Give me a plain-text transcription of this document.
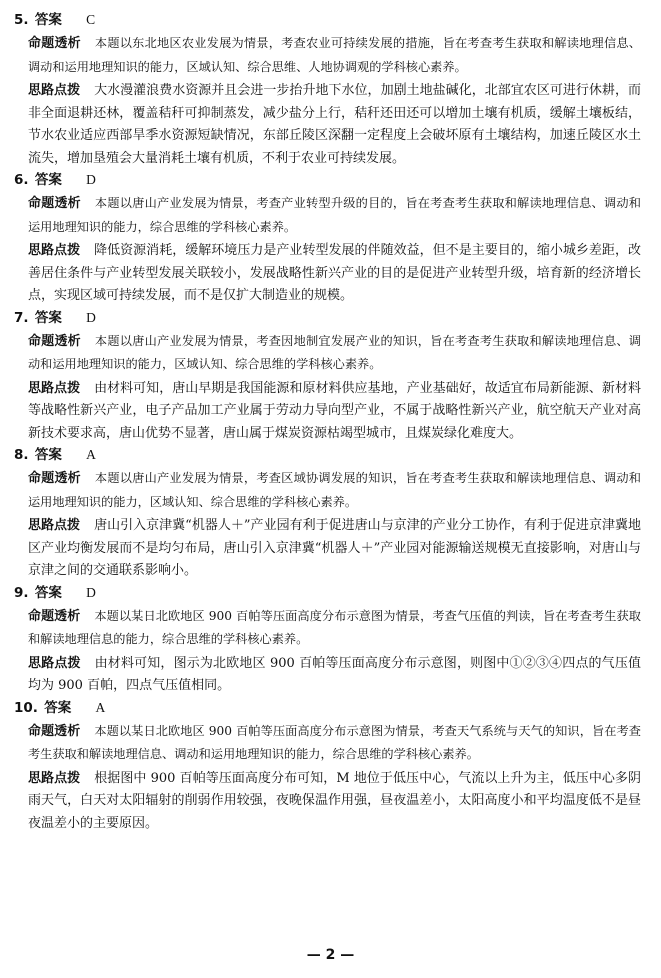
5. 答案 C

命题透析 本题以东北地区农业发展为情景，考查农业可持续发展的措施，旨在考查考生获取和解读地理信息、调动和运用地理知识的能力，区域认知、综合思维、人地协调观的学科核心素养。

思路点拨 大水漫灌浪费水资源并且会进一步抬升地下水位，加剧土地盐碱化，北部宜农区可进行休耕，而非全面退耕还林，覆盖秸秆可抑制蒸发，减少盐分上行，秸秆还田还可以增加土壤有机质，缓解土壤板结，节水农业适应西部旱季水资源短缺情况，东部丘陵区深翻一定程度上会破坏原有土壤结构，加速丘陵区水土流失，增加垦殖会大量消耗土壤有机质，不利于农业可持续发展。

6. 答案 D

命题透析 本题以唐山产业发展为情景，考查产业转型升级的目的，旨在考查考生获取和解读地理信息、调动和运用地理知识的能力，综合思维的学科核心素养。

思路点拨 降低资源消耗，缓解环境压力是产业转型发展的伴随效益，但不是主要目的，缩小城乡差距，改善居住条件与产业转型发展关联较小，发展战略性新兴产业的目的是促进产业转型升级，培育新的经济增长点，实现区域可持续发展，而不是仅扩大制造业的规模。

7. 答案 D

命题透析 本题以唐山产业发展为情景，考查因地制宜发展产业的知识，旨在考查考生获取和解读地理信息、调动和运用地理知识的能力，区域认知、综合思维的学科核心素养。

思路点拨 由材料可知，唐山早期是我国能源和原材料供应基地，产业基础好，故适宜布局新能源、新材料等战略性新兴产业，电子产品加工产业属于劳动力导向型产业，不属于战略性新兴产业，航空航天产业对高新技术要求高，唐山优势不显著，唐山属于煤炭资源枯竭型城市，且煤炭绿化难度大。

8. 答案 A

命题透析 本题以唐山产业发展为情景，考查区域协调发展的知识，旨在考查考生获取和解读地理信息、调动和运用地理知识的能力，区域认知、综合思维的学科核心素养。

思路点拨 唐山引入京津冀“机器人＋”产业园有利于促进唐山与京津的产业分工协作，有利于促进京津冀地区产业均衡发展而不是均匀布局，唐山引入京津冀“机器人＋”产业园对能源输送规模无直接影响，对唐山与京津之间的交通联系影响小。

9. 答案 D

命题透析 本题以某日北欧地区 900 百帕等压面高度分布示意图为情景，考查气压值的判读，旨在考查考生获取和解读地理信息的能力，综合思维的学科核心素养。

思路点拨 由材料可知，图示为北欧地区 900 百帕等压面高度分布示意图，则图中①②③④四点的气压值均为 900 百帕，四点气压值相同。

10. 答案 A

命题透析 本题以某日北欧地区 900 百帕等压面高度分布示意图为情景，考查天气系统与天气的知识，旨在考查考生获取和解读地理信息、调动和运用地理知识的能力，综合思维的学科核心素养。

思路点拨 根据图中 900 百帕等压面高度分布可知，M 地位于低压中心，气流以上升为主，低压中心多阴雨天气，白天对太阳辐射的削弱作用较强，夜晚保温作用强，昼夜温差小，太阳高度小和平均温度低不是昼夜温差小的主要原因。

— 2 —
